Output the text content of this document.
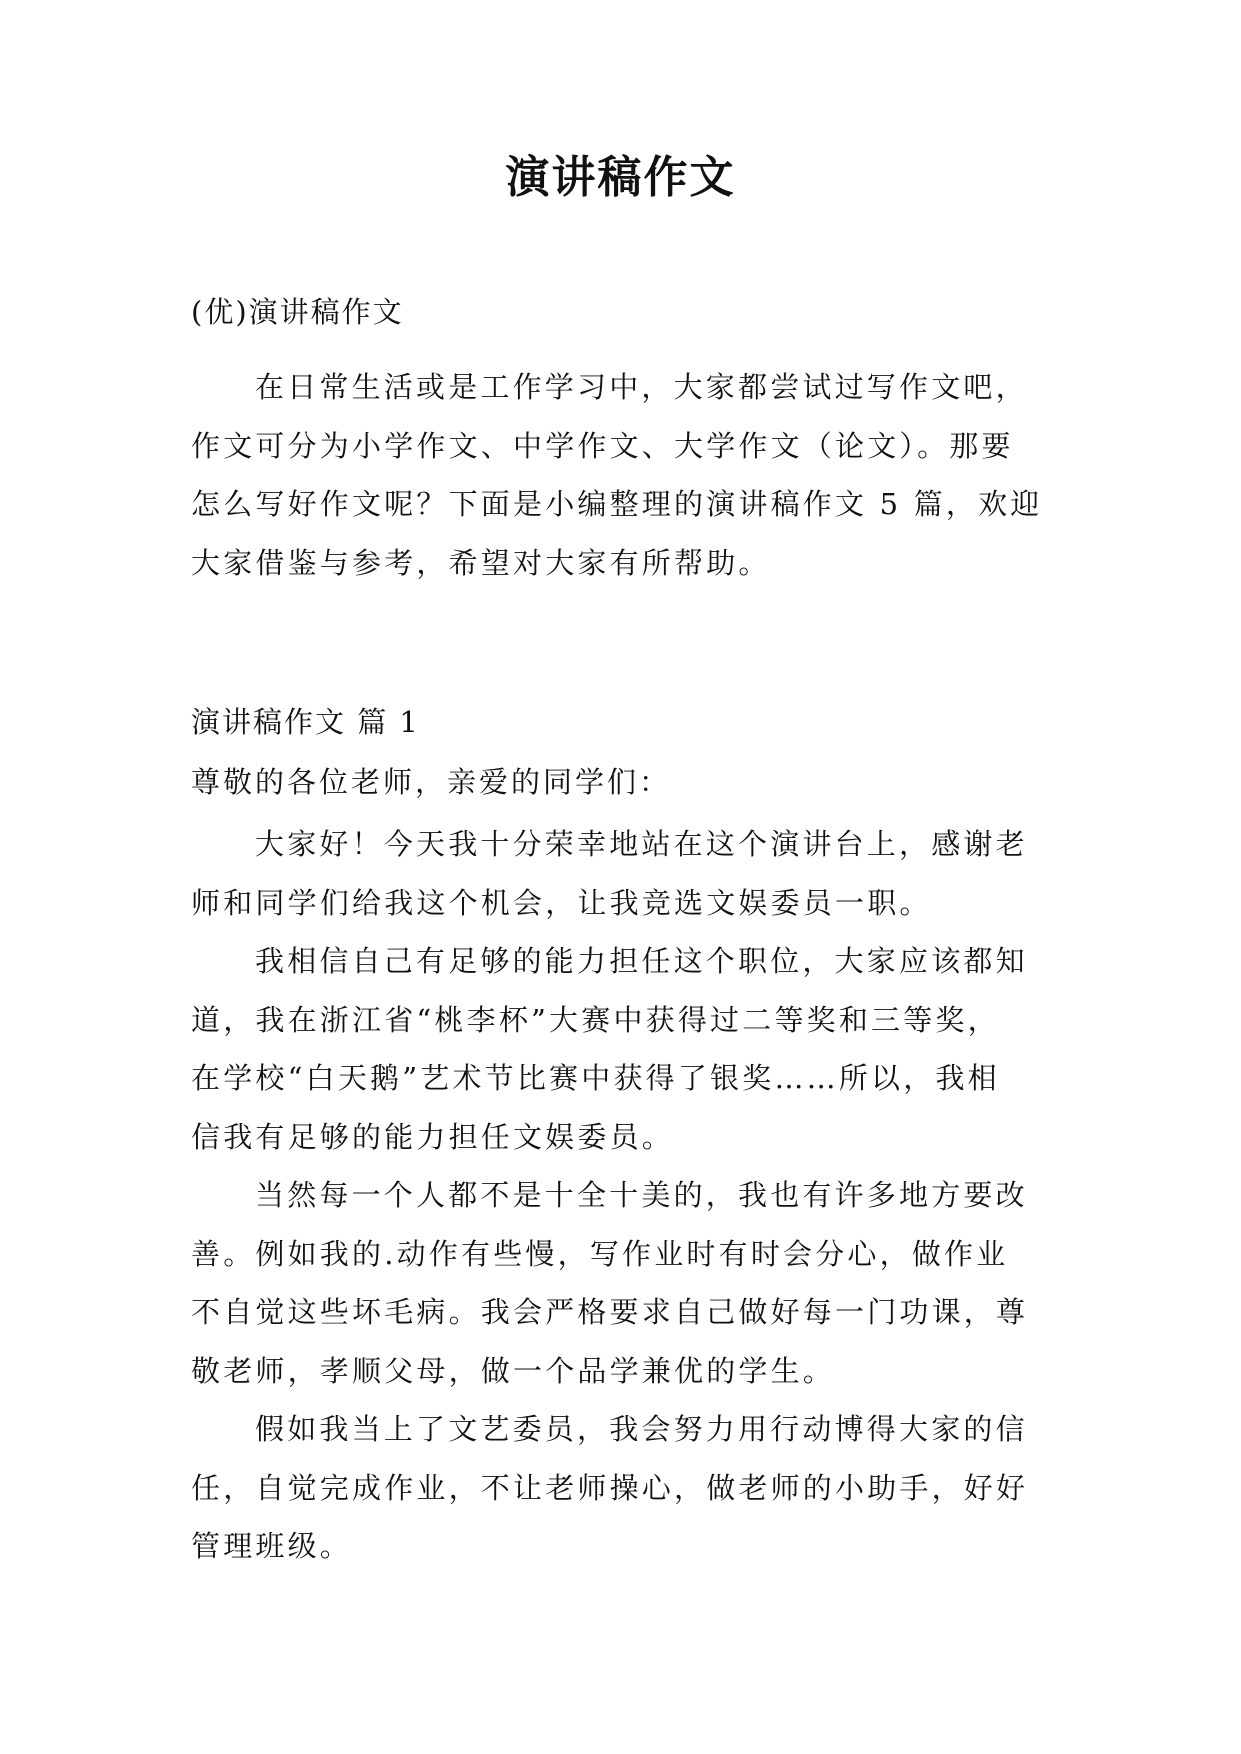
演讲稿作文
(优)演讲稿作文
在日常生活或是工作学习中，大家都尝试过写作文吧，
作文可分为小学作文、中学作文、大学作文（论文）。那要
怎么写好作文呢？下面是小编整理的演讲稿作文 5 篇，欢迎
大家借鉴与参考，希望对大家有所帮助。
演讲稿作文 篇 1
尊敬的各位老师，亲爱的同学们：
大家好！今天我十分荣幸地站在这个演讲台上，感谢老
师和同学们给我这个机会，让我竞选文娱委员一职。
我相信自己有足够的能力担任这个职位，大家应该都知
道，我在浙江省“桃李杯”大赛中获得过二等奖和三等奖，
在学校“白天鹅”艺术节比赛中获得了银奖……所以，我相
信我有足够的能力担任文娱委员。
当然每一个人都不是十全十美的，我也有许多地方要改
善。例如我的.动作有些慢，写作业时有时会分心，做作业
不自觉这些坏毛病。我会严格要求自己做好每一门功课，尊
敬老师，孝顺父母，做一个品学兼优的学生。
假如我当上了文艺委员，我会努力用行动博得大家的信
任，自觉完成作业，不让老师操心，做老师的小助手，好好
管理班级。
